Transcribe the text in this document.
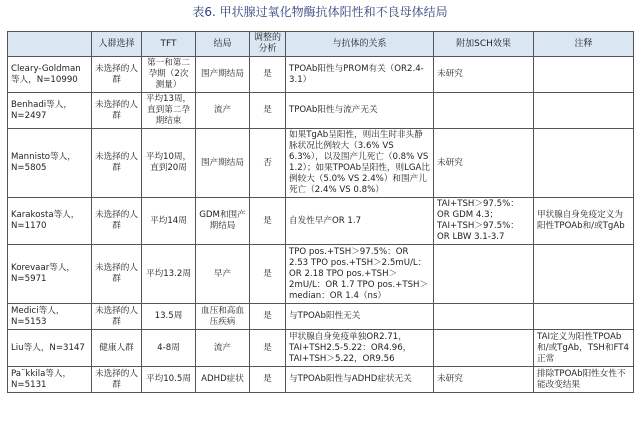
表6. 甲状腺过氧化物酶抗体阳性和不良母体结局
	人群选择	TFT	结局	调整的分析	与抗体的关系	附加SCH效果	注释
Cleary-Goldman等人，N=10990	未选择的人群	第一和第二孕期（2次测量）	围产期结局	是	TPOAb阳性与PROM有关（OR2.4-3.1）	未研究	
Benhadi等人，N=2497	未选择的人群	平均13周，直到第二孕期结束	流产	是	TPOAb阳性与流产无关		
Mannisto等人，N=5805	未选择的人群	平均10周，直到20周	围产期结局	否	如果TgAb呈阳性，则出生时非头静脉状况比例较大（3.6% VS 6.3%），以及围产儿死亡（0.8% VS 1.2）；如果TPOAb呈阳性，则LGA比例较大（5.0% VS 2.4%）和围产儿死亡（2.4% VS 0.8%）	未研究	
Karakosta等人，N=1170	未选择的人群	平均14周	GDM和围产期结局	是	自发性早产OR 1.7	TAI+TSH＞97.5%：OR GDM 4.3；TAI+TSH＞97.5%：OR LBW 3.1-3.7	甲状腺自身免疫定义为阳性TPOAb和/或TgAb
Korevaar等人，N=5971	未选择的人群	平均13.2周	早产	是	TPO pos.+TSH＞97.5%：OR 2.53 TPO pos.+TSH＞2.5mU/L：OR 2.18 TPO pos.+TSH＞2mU/L：OR 1.7 TPO pos.+TSH＞median：OR 1.4（ns）		
Medici等人，N=5153	未选择的人群	13.5周	血压和高血压疾病	是	与TPOAb阳性无关		
Liu等人，N=3147	健康人群	4-8周	流产	是	甲状腺自身免疫单独OR2.71，TAI+TSH2.5-5.22：OR4.96，TAI+TSH＞5.22，OR9.56		TAI定义为阳性TPOAb和/或TgAb，TSH和FT4正常
Pa¨kkila等人，N=5131	未选择的人群	平均10.5周	ADHD症状	是	与TPOAb阳性与ADHD症状无关	未研究	排除TPOAb阳性女性不能改变结果
